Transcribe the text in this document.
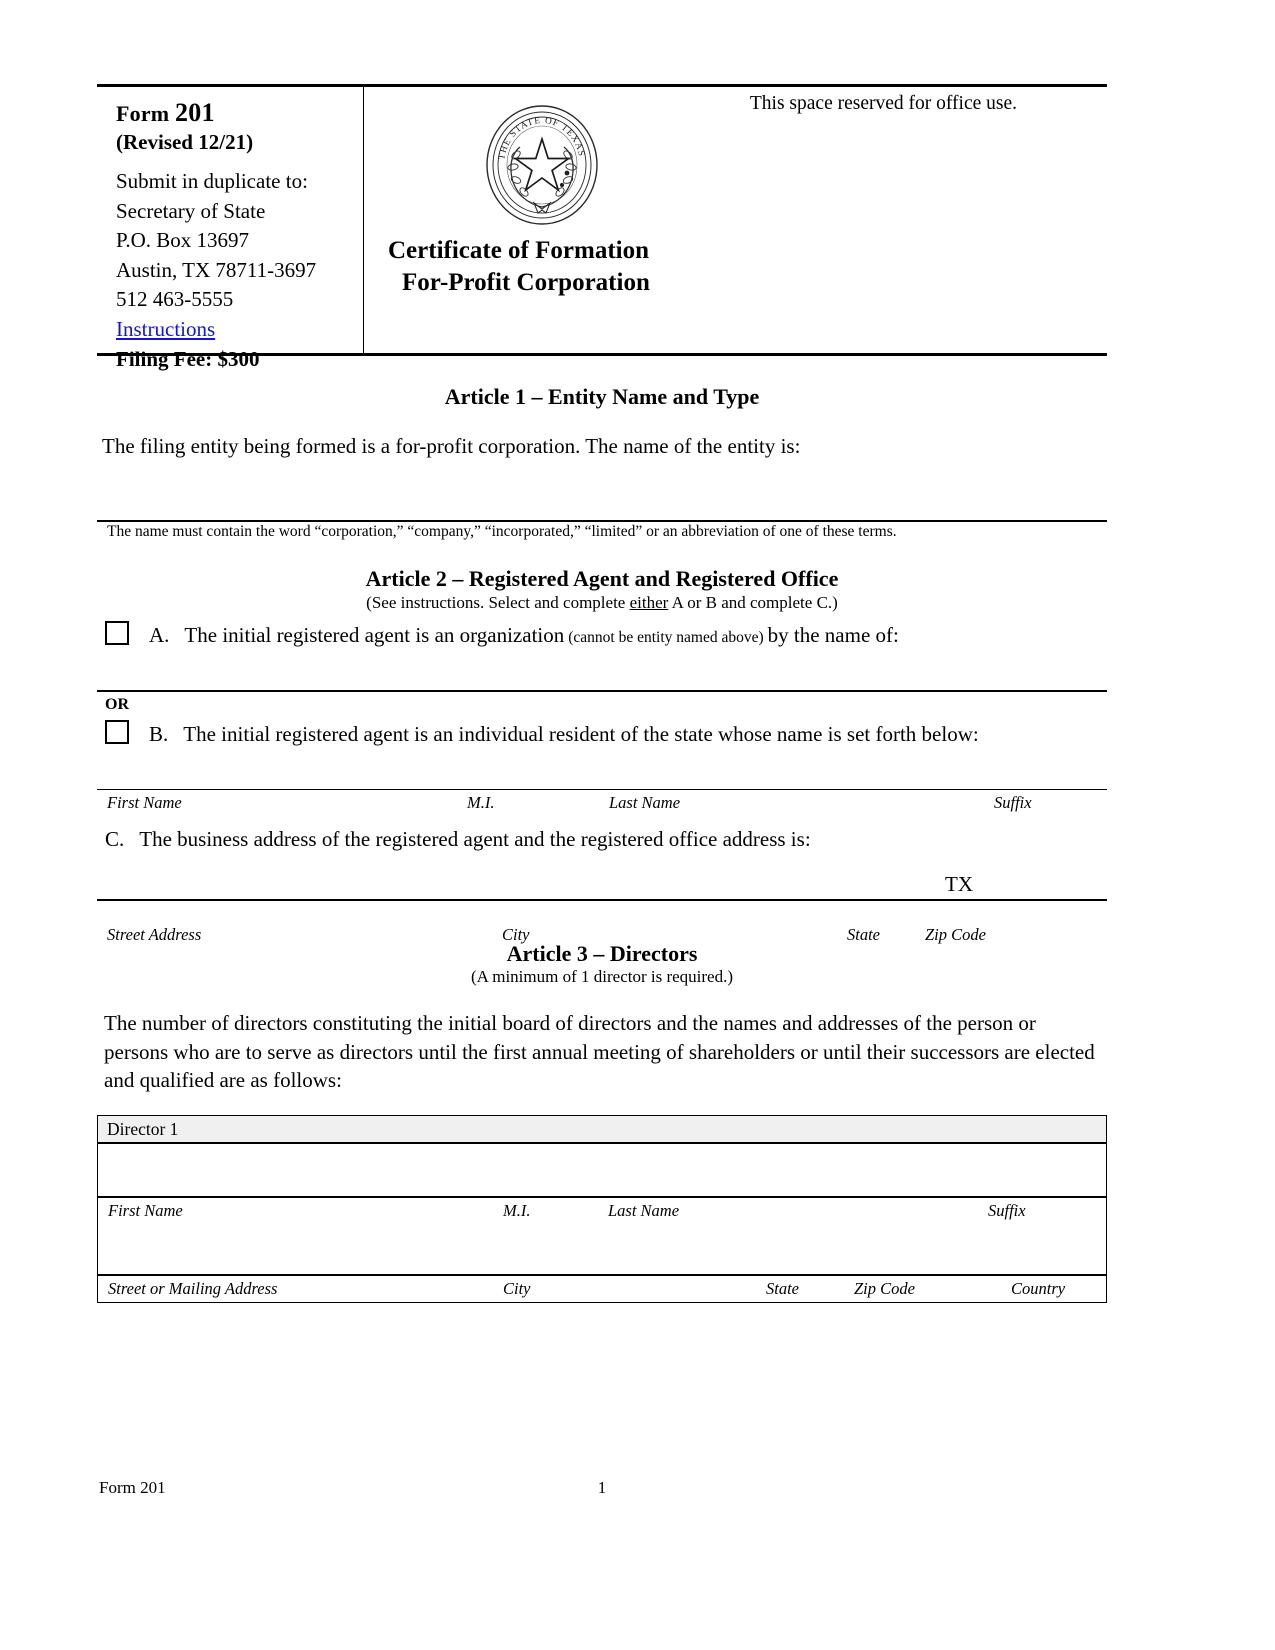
Form 201
(Revised 12/21)
Submit in duplicate to:
Secretary of State
P.O. Box 13697
Austin, TX 78711-3697
512 463-5555
Instructions
Filing Fee: $300
This space reserved for office use.
THE STATE OF TEXAS
Certificate of Formation
For-Profit Corporation
Article 1 – Entity Name and Type
The filing entity being formed is a for-profit corporation. The name of the entity is:
The name must contain the word “corporation,” “company,” “incorporated,” “limited” or an abbreviation of one of these terms.
Article 2 – Registered Agent and Registered Office
(See instructions. Select and complete either A or B and complete C.)
A. The initial registered agent is an organization (cannot be entity named above) by the name of:
OR
B. The initial registered agent is an individual resident of the state whose name is set forth below:
First Name	M.I.	Last Name	Suffix
C. The business address of the registered agent and the registered office address is:
TX
Street Address	City	State	Zip Code
Article 3 – Directors
(A minimum of 1 director is required.)
The number of directors constituting the initial board of directors and the names and addresses of the person or persons who are to serve as directors until the first annual meeting of shareholders or until their successors are elected and qualified are as follows:
Director 1
First Name	M.I.	Last Name	Suffix
Street or Mailing Address	City	State	Zip Code	Country
Form 201	1
